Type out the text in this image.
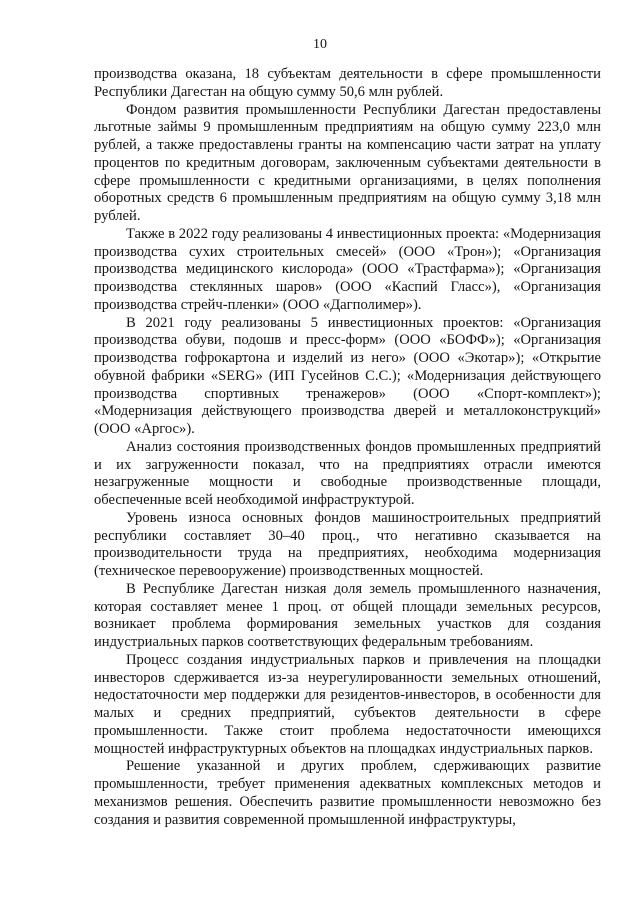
10

производства оказана, 18 субъектам деятельности в сфере промышленности Республики Дагестан на общую сумму 50,6 млн рублей.

Фондом развития промышленности Республики Дагестан предоставлены льготные займы 9 промышленным предприятиям на общую сумму 223,0 млн рублей, а также предоставлены гранты на компенсацию части затрат на уплату процентов по кредитным договорам, заключенным субъектами деятельности в сфере промышленности с кредитными организациями, в целях пополнения оборотных средств 6 промышленным предприятиям на общую сумму 3,18 млн рублей.

Также в 2022 году реализованы 4 инвестиционных проекта: «Модернизация производства сухих строительных смесей» (ООО «Трон»); «Организация производства медицинского кислорода» (ООО «Трастфарма»); «Организация производства стеклянных шаров» (ООО «Каспий Гласс»), «Организация производства стрейч-пленки» (ООО «Дагполимер»).

В 2021 году реализованы 5 инвестиционных проектов: «Организация производства обуви, подошв и пресс-форм» (ООО «БОФФ»); «Организация производства гофрокартона и изделий из него» (ООО «Экотар»); «Открытие обувной фабрики «SERG» (ИП Гусейнов С.С.); «Модернизация действующего производства спортивных тренажеров» (ООО «Спорт-комплект»); «Модернизация действующего производства дверей и металлоконструкций» (ООО «Аргос»).

Анализ состояния производственных фондов промышленных предприятий и их загруженности показал, что на предприятиях отрасли имеются незагруженные мощности и свободные производственные площади, обеспеченные всей необходимой инфраструктурой.

Уровень износа основных фондов машиностроительных предприятий республики составляет 30–40 проц., что негативно сказывается на производительности труда на предприятиях, необходима модернизация (техническое перевооружение) производственных мощностей.

В Республике Дагестан низкая доля земель промышленного назначения, которая составляет менее 1 проц. от общей площади земельных ресурсов, возникает проблема формирования земельных участков для создания индустриальных парков соответствующих федеральным требованиям.

Процесс создания индустриальных парков и привлечения на площадки инвесторов сдерживается из-за неурегулированности земельных отношений, недостаточности мер поддержки для резидентов-инвесторов, в особенности для малых и средних предприятий, субъектов деятельности в сфере промышленности. Также стоит проблема недостаточности имеющихся мощностей инфраструктурных объектов на площадках индустриальных парков.

Решение указанной и других проблем, сдерживающих развитие промышленности, требует применения адекватных комплексных методов и механизмов решения. Обеспечить развитие промышленности невозможно без создания и развития современной промышленной инфраструктуры,
